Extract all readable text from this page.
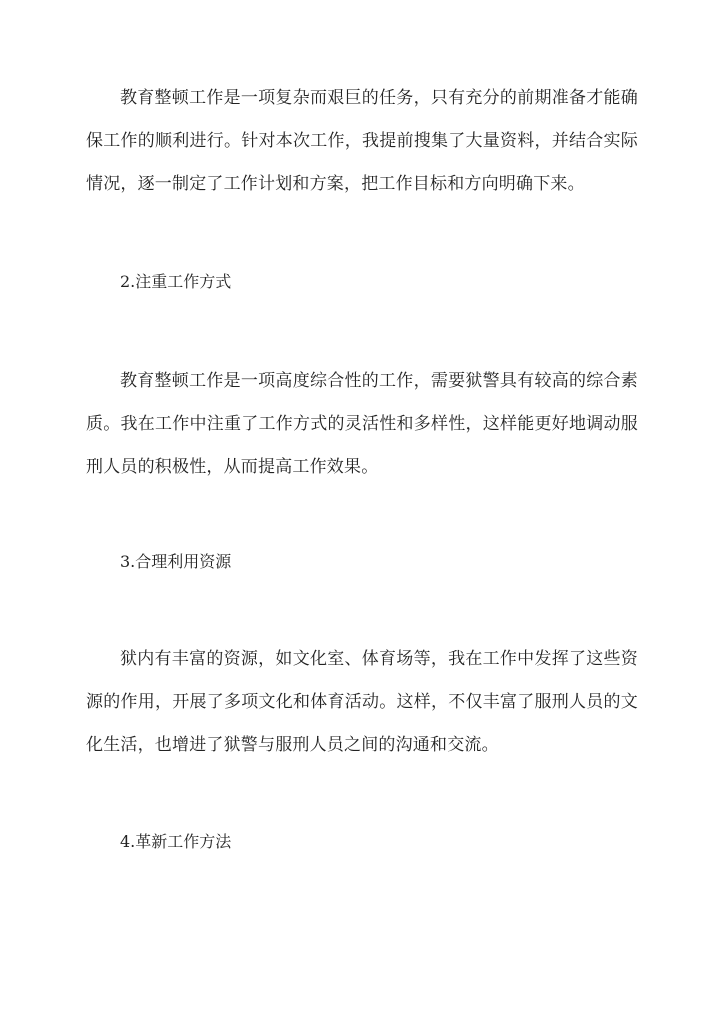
教育整顿工作是一项复杂而艰巨的任务，只有充分的前期准备才能确保工作的顺利进行。针对本次工作，我提前搜集了大量资料，并结合实际情况，逐一制定了工作计划和方案，把工作目标和方向明确下来。

2.注重工作方式

教育整顿工作是一项高度综合性的工作，需要狱警具有较高的综合素质。我在工作中注重了工作方式的灵活性和多样性，这样能更好地调动服刑人员的积极性，从而提高工作效果。

3.合理利用资源

狱内有丰富的资源，如文化室、体育场等，我在工作中发挥了这些资源的作用，开展了多项文化和体育活动。这样，不仅丰富了服刑人员的文化生活，也增进了狱警与服刑人员之间的沟通和交流。

4.革新工作方法
